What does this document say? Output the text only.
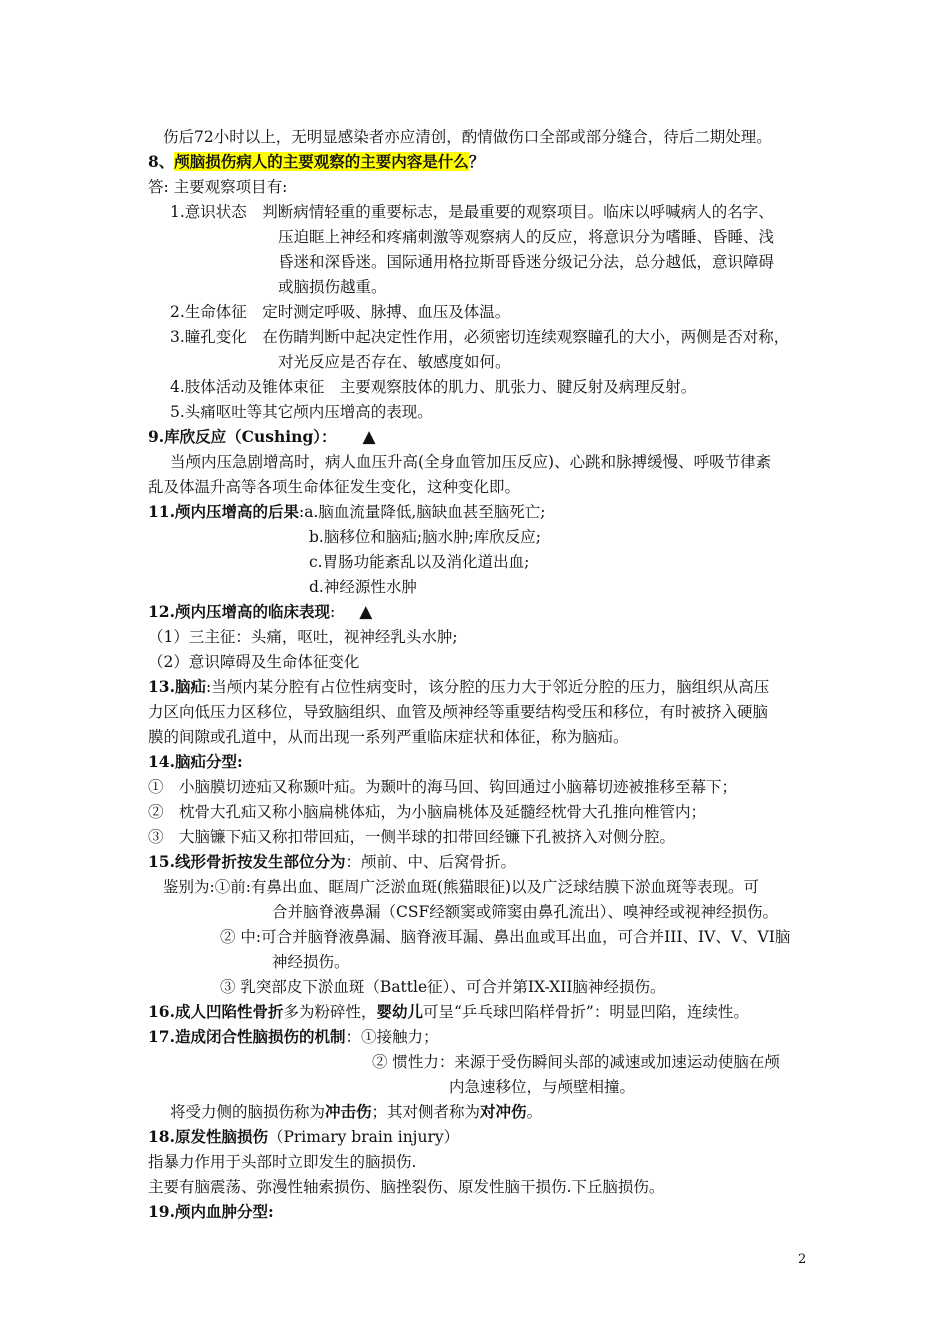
伤后72小时以上，无明显感染者亦应清创，酌情做伤口全部或部分缝合，待后二期处理。
8、颅脑损伤病人的主要观察的主要内容是什么？
答: 主要观察项目有:
1.意识状态　判断病情轻重的重要标志，是最重要的观察项目。临床以呼喊病人的名字、
压迫眶上神经和疼痛刺激等观察病人的反应，将意识分为嗜睡、昏睡、浅
昏迷和深昏迷。国际通用格拉斯哥昏迷分级记分法，总分越低，意识障碍
或脑损伤越重。
2.生命体征　定时测定呼吸、脉搏、血压及体温。
3.瞳孔变化　在伤睛判断中起决定性作用，必须密切连续观察瞳孔的大小，两侧是否对称，
对光反应是否存在、敏感度如何。
4.肢体活动及锥体束征　主要观察肢体的肌力、肌张力、腱反射及病理反射。
5.头痛呕吐等其它颅内压增高的表现。
9.库欣反应（Cushing）： ▲
当颅内压急剧增高时，病人血压升高(全身血管加压反应)、心跳和脉搏缓慢、呼吸节律紊
乱及体温升高等各项生命体征发生变化，这种变化即。
11.颅内压增高的后果:a.脑血流量降低,脑缺血甚至脑死亡;
b.脑移位和脑疝;脑水肿;库欣反应;
c.胃肠功能紊乱以及消化道出血;
d.神经源性水肿
12.颅内压增高的临床表现: ▲
（1）三主征：头痛，呕吐，视神经乳头水肿;
（2）意识障碍及生命体征变化
13.脑疝:当颅内某分腔有占位性病变时，该分腔的压力大于邻近分腔的压力，脑组织从高压
力区向低压力区移位，导致脑组织、血管及颅神经等重要结构受压和移位，有时被挤入硬脑
膜的间隙或孔道中，从而出现一系列严重临床症状和体征，称为脑疝。
14.脑疝分型:
①　小脑膜切迹疝又称颞叶疝。为颞叶的海马回、钩回通过小脑幕切迹被推移至幕下；
②　枕骨大孔疝又称小脑扁桃体疝，为小脑扁桃体及延髓经枕骨大孔推向椎管内；
③　大脑镰下疝又称扣带回疝，一侧半球的扣带回经镰下孔被挤入对侧分腔。
15.线形骨折按发生部位分为：颅前、中、后窝骨折。
鉴别为:①前:有鼻出血、眶周广泛淤血斑(熊猫眼征)以及广泛球结膜下淤血斑等表现。可
合并脑脊液鼻漏（CSF经额窦或筛窦由鼻孔流出）、嗅神经或视神经损伤。
② 中:可合并脑脊液鼻漏、脑脊液耳漏、鼻出血或耳出血，可合并III、IV、V、VI脑
神经损伤。
③ 乳突部皮下淤血斑（Battle征）、可合并第IX-XII脑神经损伤。
16.成人凹陷性骨折多为粉碎性，婴幼儿可呈“乒乓球凹陷样骨折”：明显凹陷，连续性。
17.造成闭合性脑损伤的机制：①接触力；
② 惯性力：来源于受伤瞬间头部的减速或加速运动使脑在颅
内急速移位，与颅壁相撞。
将受力侧的脑损伤称为冲击伤；其对侧者称为对冲伤。
18.原发性脑损伤（Primary brain injury）
指暴力作用于头部时立即发生的脑损伤.
主要有脑震荡、弥漫性轴索损伤、脑挫裂伤、原发性脑干损伤.下丘脑损伤。
19.颅内血肿分型:
2
